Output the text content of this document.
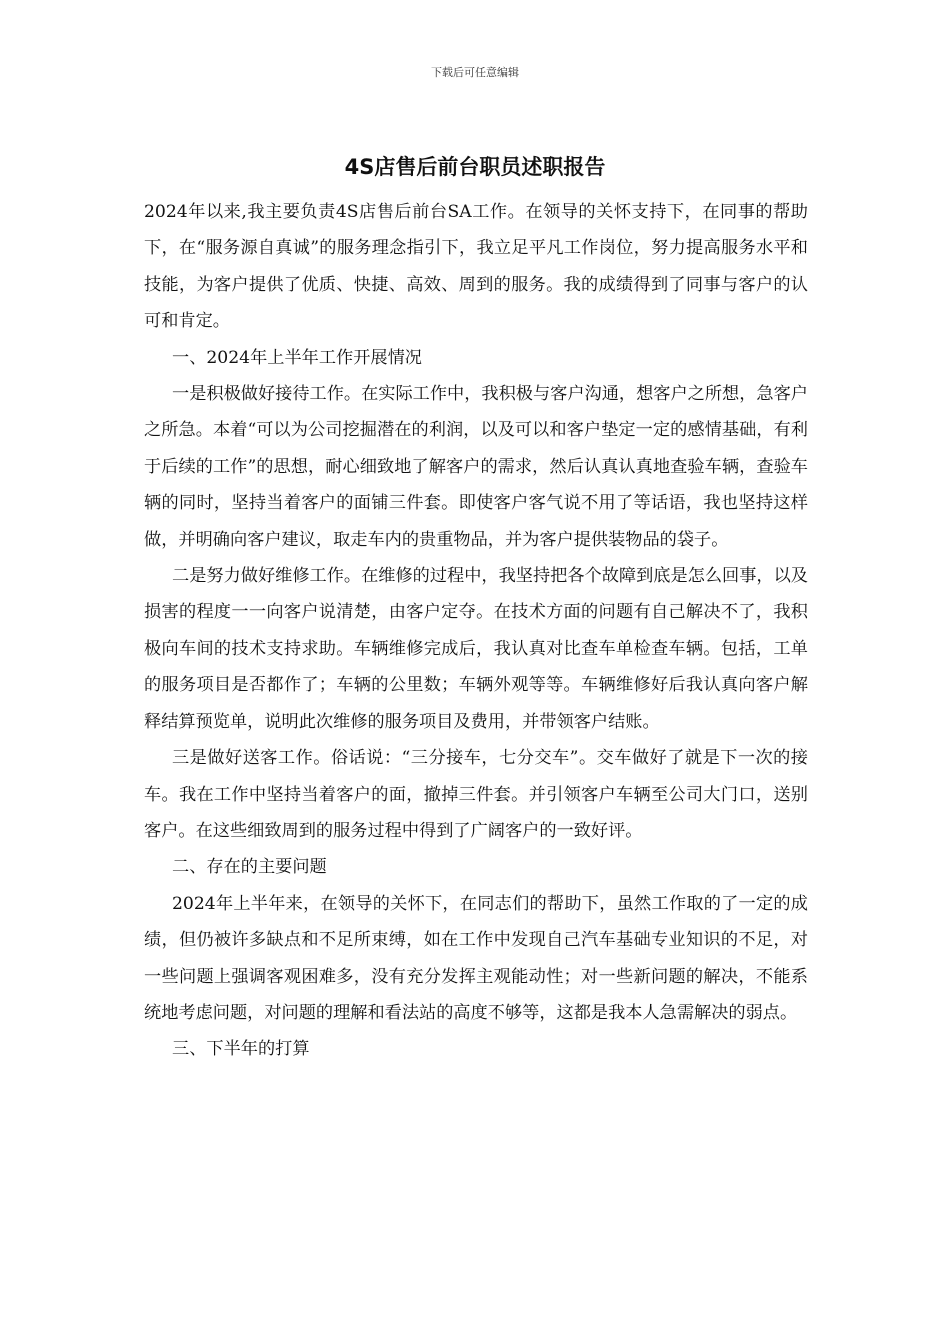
下载后可任意编辑
4S店售后前台职员述职报告

2024年以来,我主要负责4S店售后前台SA工作。在领导的关怀支持下，在同事的帮助下，在“服务源自真诚”的服务理念指引下，我立足平凡工作岗位，努力提高服务水平和技能，为客户提供了优质、快捷、高效、周到的服务。我的成绩得到了同事与客户的认可和肯定。

一、2024年上半年工作开展情况

一是积极做好接待工作。在实际工作中，我积极与客户沟通，想客户之所想，急客户之所急。本着“可以为公司挖掘潜在的利润，以及可以和客户垫定一定的感情基础，有利于后续的工作”的思想，耐心细致地了解客户的需求，然后认真认真地查验车辆，查验车辆的同时，坚持当着客户的面铺三件套。即使客户客气说不用了等话语，我也坚持这样做，并明确向客户建议，取走车内的贵重物品，并为客户提供装物品的袋子。

二是努力做好维修工作。在维修的过程中，我坚持把各个故障到底是怎么回事，以及损害的程度一一向客户说清楚，由客户定夺。在技术方面的问题有自己解决不了，我积极向车间的技术支持求助。车辆维修完成后，我认真对比查车单检查车辆。包括，工单的服务项目是否都作了；车辆的公里数；车辆外观等等。车辆维修好后我认真向客户解释结算预览单，说明此次维修的服务项目及费用，并带领客户结账。

三是做好送客工作。俗话说：“三分接车，七分交车”。交车做好了就是下一次的接车。我在工作中坚持当着客户的面，撤掉三件套。并引领客户车辆至公司大门口，送别客户。在这些细致周到的服务过程中得到了广阔客户的一致好评。

二、存在的主要问题

2024年上半年来，在领导的关怀下，在同志们的帮助下，虽然工作取的了一定的成绩，但仍被许多缺点和不足所束缚，如在工作中发现自己汽车基础专业知识的不足，对一些问题上强调客观困难多，没有充分发挥主观能动性；对一些新问题的解决，不能系统地考虑问题，对问题的理解和看法站的高度不够等，这都是我本人急需解决的弱点。

三、下半年的打算
